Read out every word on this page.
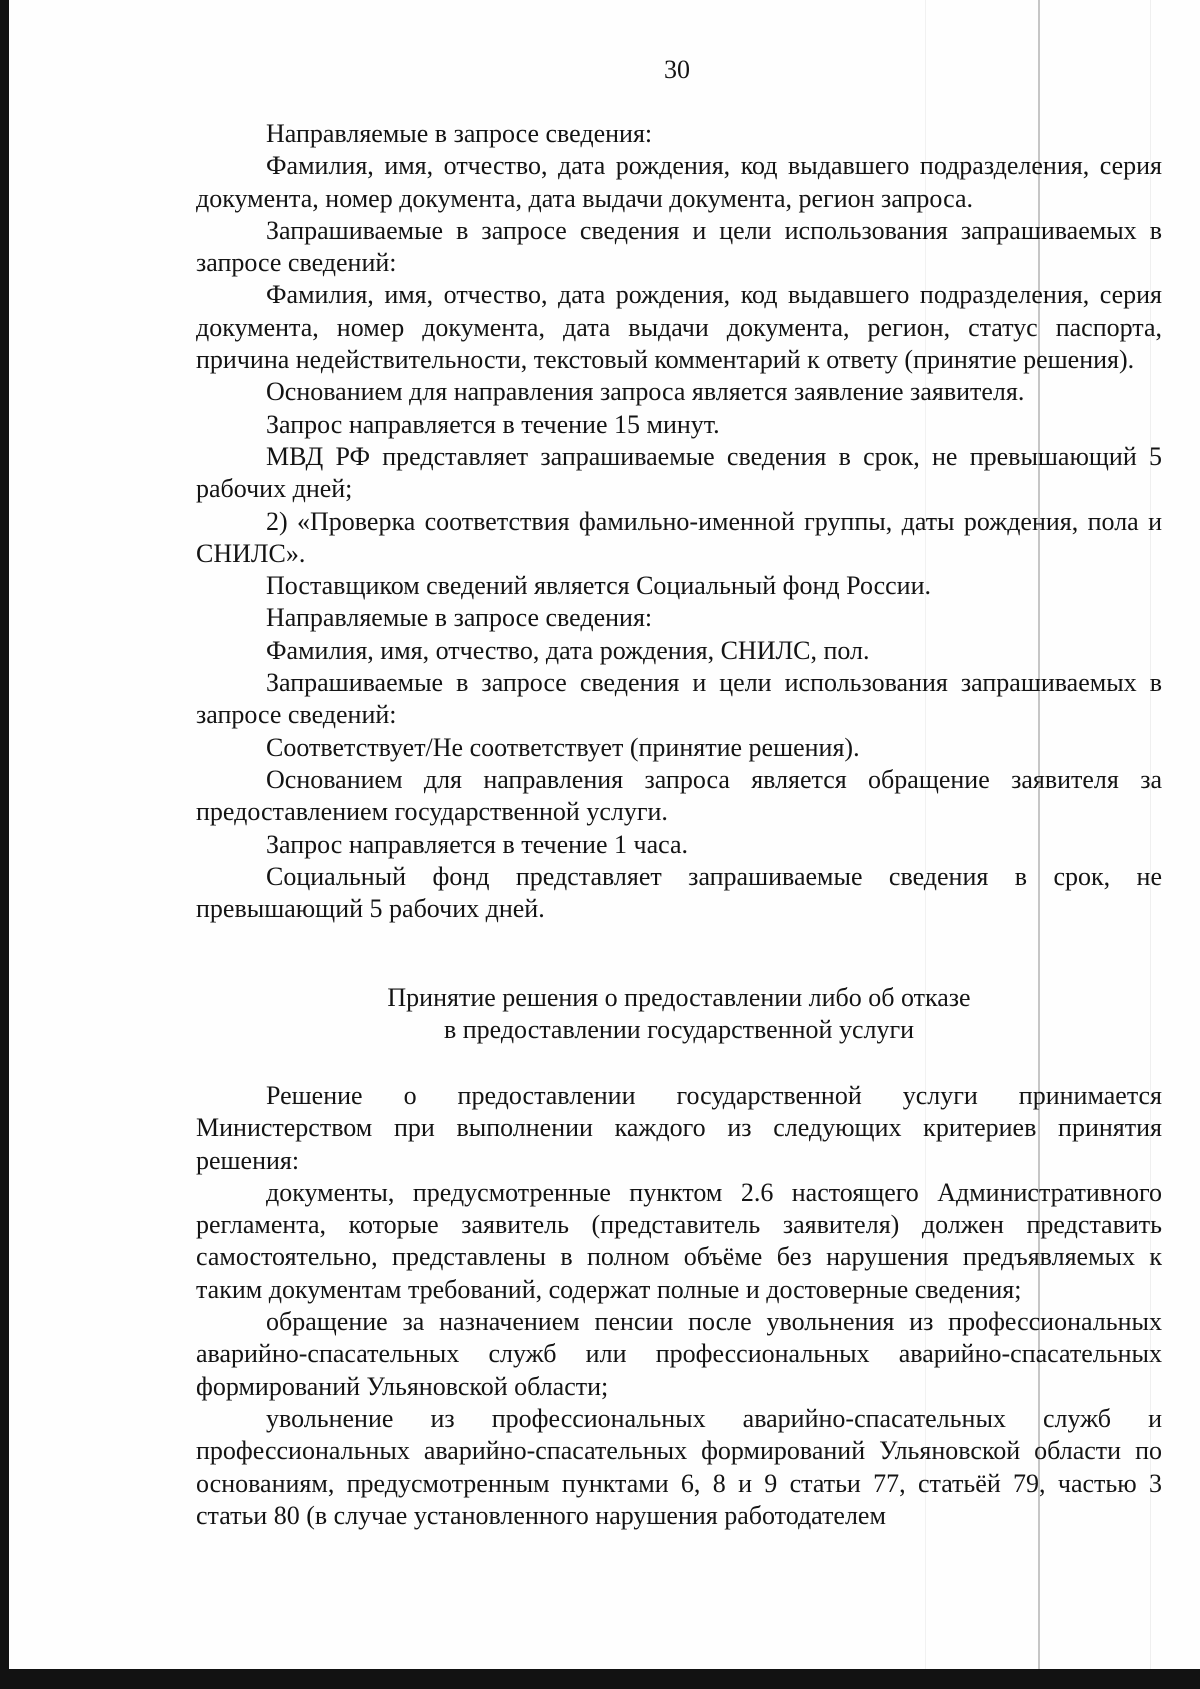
30

Направляемые в запросе сведения:

Фамилия, имя, отчество, дата рождения, код выдавшего подразделения, серия документа, номер документа, дата выдачи документа, регион запроса.

Запрашиваемые в запросе сведения и цели использования запрашиваемых в запросе сведений:

Фамилия, имя, отчество, дата рождения, код выдавшего подразделения, серия документа, номер документа, дата выдачи документа, регион, статус паспорта, причина недействительности, текстовый комментарий к ответу (принятие решения).

Основанием для направления запроса является заявление заявителя.

Запрос направляется в течение 15 минут.

МВД РФ представляет запрашиваемые сведения в срок, не превышающий 5 рабочих дней;

2) «Проверка соответствия фамильно-именной группы, даты рождения, пола и СНИЛС».

Поставщиком сведений является Социальный фонд России.

Направляемые в запросе сведения:

Фамилия, имя, отчество, дата рождения, СНИЛС, пол.

Запрашиваемые в запросе сведения и цели использования запрашиваемых в запросе сведений:

Соответствует/Не соответствует (принятие решения).

Основанием для направления запроса является обращение заявителя за предоставлением государственной услуги.

Запрос направляется в течение 1 часа.

Социальный фонд представляет запрашиваемые сведения в срок, не превышающий 5 рабочих дней.

Принятие решения о предоставлении либо об отказе
в предоставлении государственной услуги

Решение о предоставлении государственной услуги принимается Министерством при выполнении каждого из следующих критериев принятия решения:

документы, предусмотренные пунктом 2.6 настоящего Административного регламента, которые заявитель (представитель заявителя) должен представить самостоятельно, представлены в полном объёме без нарушения предъявляемых к таким документам требований, содержат полные и достоверные сведения;

обращение за назначением пенсии после увольнения из профессиональных аварийно-спасательных служб или профессиональных аварийно-спасательных формирований Ульяновской области;

увольнение из профессиональных аварийно-спасательных служб и профессиональных аварийно-спасательных формирований Ульяновской области по основаниям, предусмотренным пунктами 6, 8 и 9 статьи 77, статьёй 79, частью 3 статьи 80 (в случае установленного нарушения работодателем
